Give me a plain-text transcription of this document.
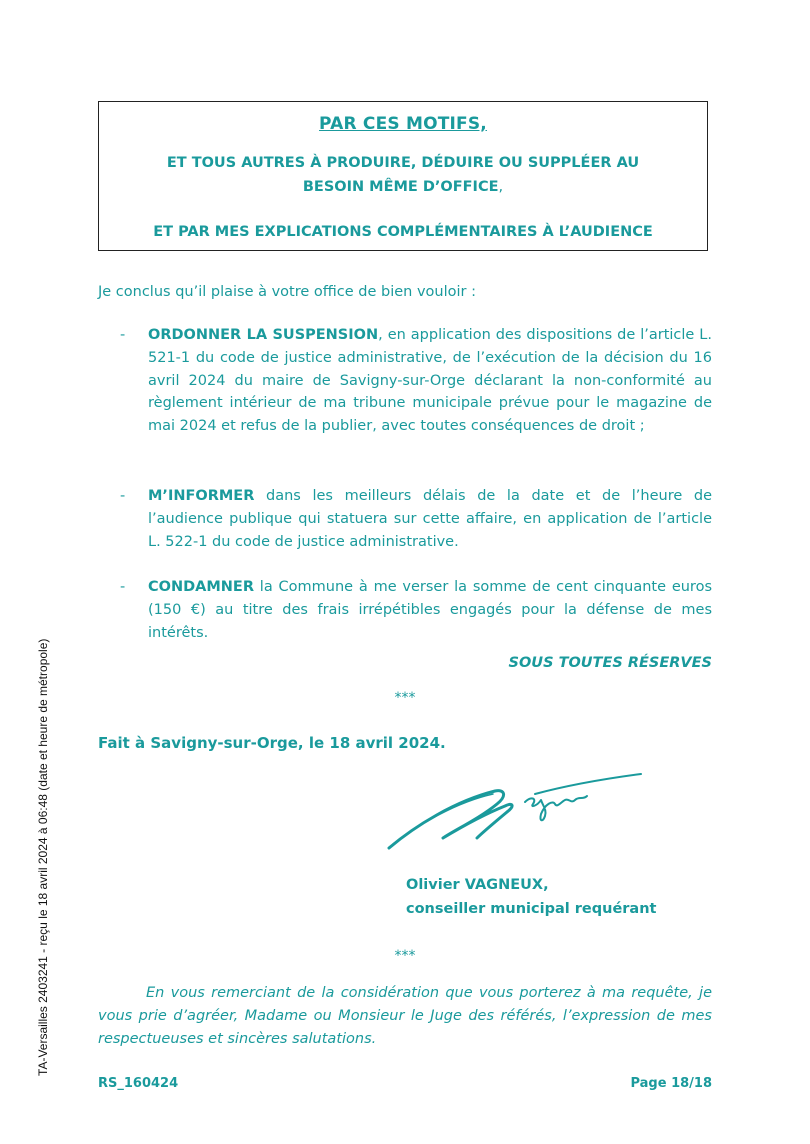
TA-Versailles 2403241 - reçu le 18 avril 2024 à 06:48 (date et heure de métropole)
PAR CES MOTIFS,
ET TOUS AUTRES À PRODUIRE, DÉDUIRE OU SUPPLÉER AU
BESOIN MÊME D’OFFICE,
ET PAR MES EXPLICATIONS COMPLÉMENTAIRES À L’AUDIENCE
Je conclus qu’il plaise à votre office de bien vouloir :
- ORDONNER LA SUSPENSION, en application des dispositions de l’article L. 521-1 du code de justice administrative, de l’exécution de la décision du 16 avril 2024 du maire de Savigny-sur-Orge déclarant la non-conformité au règlement intérieur de ma tribune municipale prévue pour le magazine de mai 2024 et refus de la publier, avec toutes conséquences de droit ;
- M’INFORMER dans les meilleurs délais de la date et de l’heure de l’audience publique qui statuera sur cette affaire, en application de l’article L. 522-1 du code de justice administrative.
- CONDAMNER la Commune à me verser la somme de cent cinquante euros (150 €) au titre des frais irrépétibles engagés pour la défense de mes intérêts.
SOUS TOUTES RÉSERVES
***
Fait à Savigny-sur-Orge, le 18 avril 2024.
Olivier VAGNEUX,
conseiller municipal requérant
***
En vous remerciant de la considération que vous porterez à ma requête, je vous prie d’agréer, Madame ou Monsieur le Juge des référés, l’expression de mes respectueuses et sincères salutations.
RS_160424	Page 18/18
